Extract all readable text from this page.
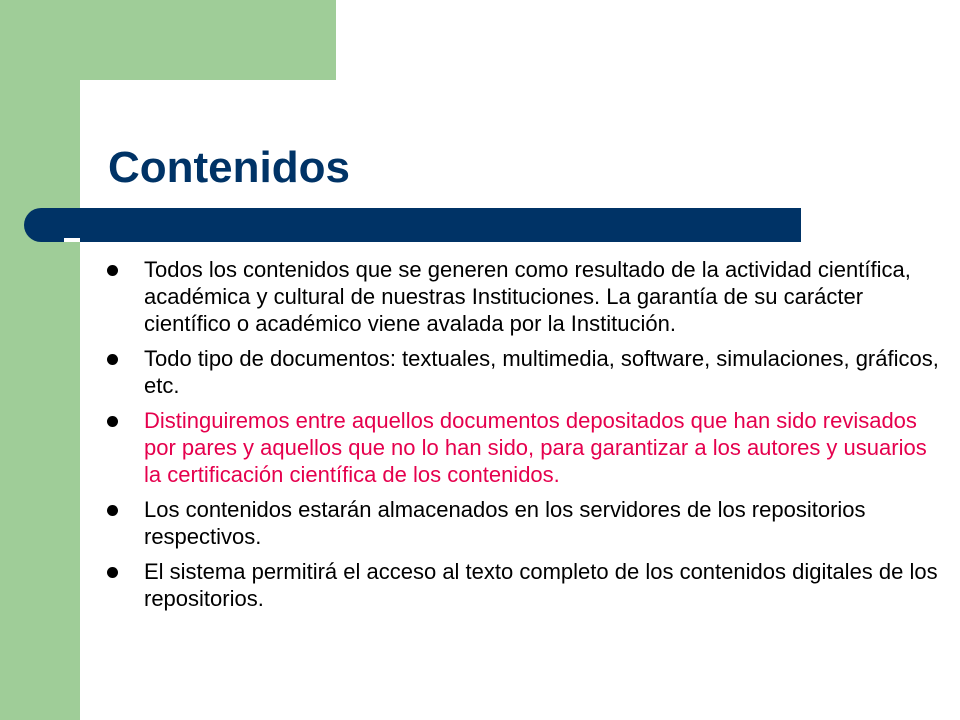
Contenidos
Todos los contenidos que se generen como resultado de la actividad científica, académica y cultural de nuestras Instituciones. La garantía de su carácter científico o académico viene avalada por la Institución.
Todo tipo de documentos: textuales, multimedia, software, simulaciones, gráficos, etc.
Distinguiremos entre aquellos documentos depositados que han sido revisados por pares y aquellos que no lo han sido, para garantizar a los autores y usuarios la certificación científica de los contenidos.
Los contenidos estarán almacenados en los servidores de los repositorios respectivos.
El sistema permitirá el acceso al texto completo de los contenidos digitales de los repositorios.
